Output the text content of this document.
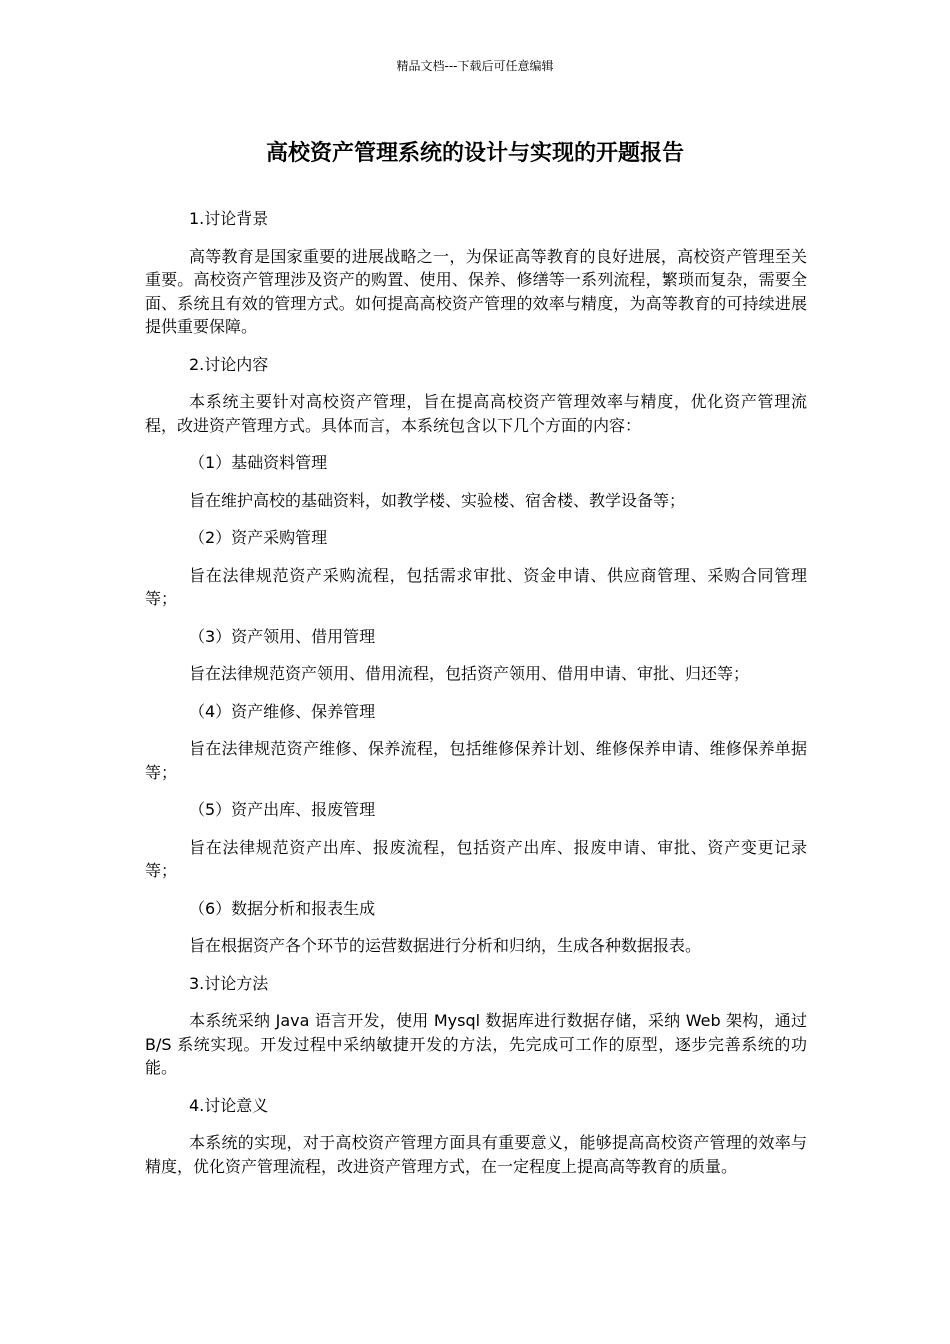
精品文档---下载后可任意编辑
高校资产管理系统的设计与实现的开题报告

1.讨论背景

高等教育是国家重要的进展战略之一，为保证高等教育的良好进展，高校资产管理至关重要。高校资产管理涉及资产的购置、使用、保养、修缮等一系列流程，繁琐而复杂，需要全面、系统且有效的管理方式。如何提高高校资产管理的效率与精度，为高等教育的可持续进展提供重要保障。

2.讨论内容

本系统主要针对高校资产管理，旨在提高高校资产管理效率与精度，优化资产管理流程，改进资产管理方式。具体而言，本系统包含以下几个方面的内容：

（1）基础资料管理

旨在维护高校的基础资料，如教学楼、实验楼、宿舍楼、教学设备等；

（2）资产采购管理

旨在法律规范资产采购流程，包括需求审批、资金申请、供应商管理、采购合同管理等；

（3）资产领用、借用管理

旨在法律规范资产领用、借用流程，包括资产领用、借用申请、审批、归还等；

（4）资产维修、保养管理

旨在法律规范资产维修、保养流程，包括维修保养计划、维修保养申请、维修保养单据等；

（5）资产出库、报废管理

旨在法律规范资产出库、报废流程，包括资产出库、报废申请、审批、资产变更记录等；

（6）数据分析和报表生成

旨在根据资产各个环节的运营数据进行分析和归纳，生成各种数据报表。

3.讨论方法

本系统采纳 Java 语言开发，使用 Mysql 数据库进行数据存储，采纳 Web 架构，通过 B/S 系统实现。开发过程中采纳敏捷开发的方法，先完成可工作的原型，逐步完善系统的功能。

4.讨论意义

本系统的实现，对于高校资产管理方面具有重要意义，能够提高高校资产管理的效率与精度，优化资产管理流程，改进资产管理方式，在一定程度上提高高等教育的质量。
